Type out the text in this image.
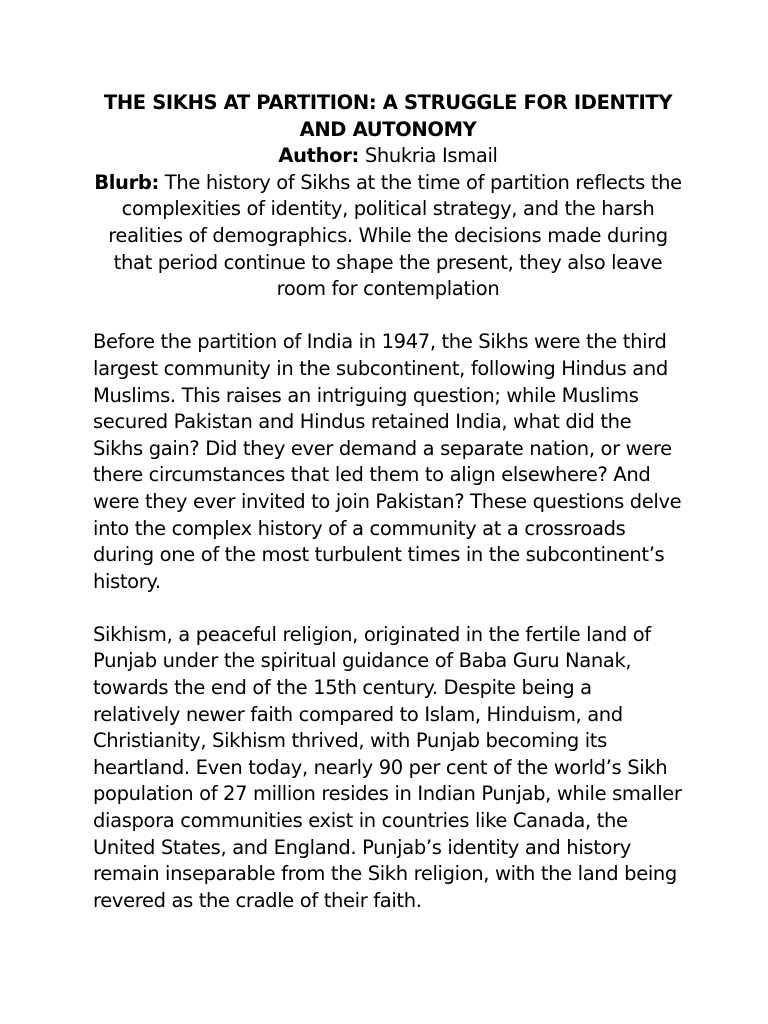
THE SIKHS AT PARTITION: A STRUGGLE FOR IDENTITY AND AUTONOMY

Author: Shukria Ismail

Blurb: The history of Sikhs at the time of partition reflects the complexities of identity, political strategy, and the harsh realities of demographics. While the decisions made during that period continue to shape the present, they also leave room for contemplation

Before the partition of India in 1947, the Sikhs were the third largest community in the subcontinent, following Hindus and Muslims. This raises an intriguing question; while Muslims secured Pakistan and Hindus retained India, what did the Sikhs gain? Did they ever demand a separate nation, or were there circumstances that led them to align elsewhere? And were they ever invited to join Pakistan? These questions delve into the complex history of a community at a crossroads during one of the most turbulent times in the subcontinent’s history.

Sikhism, a peaceful religion, originated in the fertile land of Punjab under the spiritual guidance of Baba Guru Nanak, towards the end of the 15th century. Despite being a relatively newer faith compared to Islam, Hinduism, and Christianity, Sikhism thrived, with Punjab becoming its heartland. Even today, nearly 90 per cent of the world’s Sikh population of 27 million resides in Indian Punjab, while smaller diaspora communities exist in countries like Canada, the United States, and England. Punjab’s identity and history remain inseparable from the Sikh religion, with the land being revered as the cradle of their faith.
